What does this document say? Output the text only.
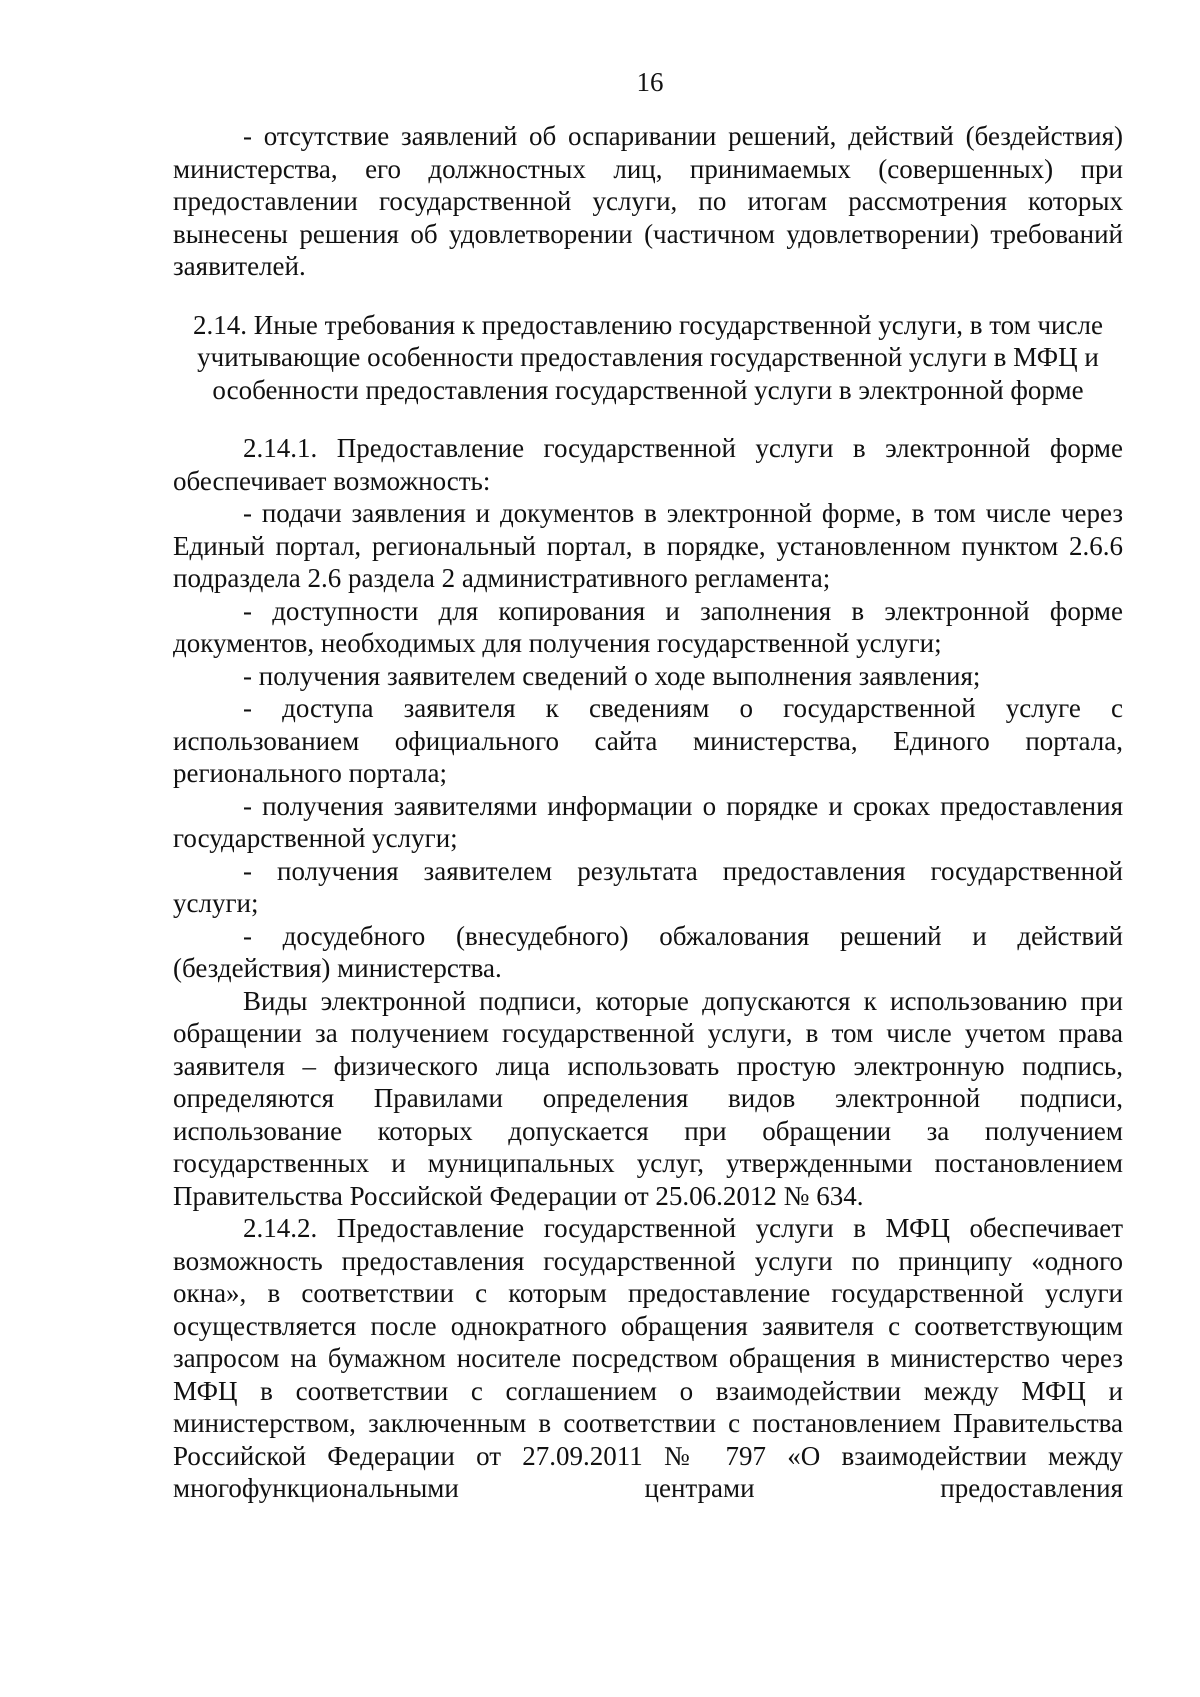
16

- отсутствие заявлений об оспаривании решений, действий (бездействия) министерства, его должностных лиц, принимаемых (совершенных) при предоставлении государственной услуги, по итогам рассмотрения которых вынесены решения об удовлетворении (частичном удовлетворении) требований заявителей.

2.14. Иные требования к предоставлению государственной услуги, в том числе учитывающие особенности предоставления государственной услуги в МФЦ и особенности предоставления государственной услуги в электронной форме

2.14.1. Предоставление государственной услуги в электронной форме обеспечивает возможность:

- подачи заявления и документов в электронной форме, в том числе через Единый портал, региональный портал, в порядке, установленном пунктом 2.6.6 подраздела 2.6 раздела 2 административного регламента;

- доступности для копирования и заполнения в электронной форме документов, необходимых для получения государственной услуги;

- получения заявителем сведений о ходе выполнения заявления;

- доступа заявителя к сведениям о государственной услуге с использованием официального сайта министерства, Единого портала, регионального портала;

- получения заявителями информации о порядке и сроках предоставления государственной услуги;

- получения заявителем результата предоставления государственной услуги;

- досудебного (внесудебного) обжалования решений и действий (бездействия) министерства.

Виды электронной подписи, которые допускаются к использованию при обращении за получением государственной услуги, в том числе учетом права заявителя – физического лица использовать простую электронную подпись, определяются Правилами определения видов электронной подписи, использование которых допускается при обращении за получением государственных и муниципальных услуг, утвержденными постановлением Правительства Российской Федерации от 25.06.2012 № 634.

2.14.2. Предоставление государственной услуги в МФЦ обеспечивает возможность предоставления государственной услуги по принципу «одного окна», в соответствии с которым предоставление государственной услуги осуществляется после однократного обращения заявителя с соответствующим запросом на бумажном носителе посредством обращения в министерство через МФЦ в соответствии с соглашением о взаимодействии между МФЦ и министерством, заключенным в соответствии с постановлением Правительства Российской Федерации от 27.09.2011 № 797 «О взаимодействии между многофункциональными центрами предоставления
